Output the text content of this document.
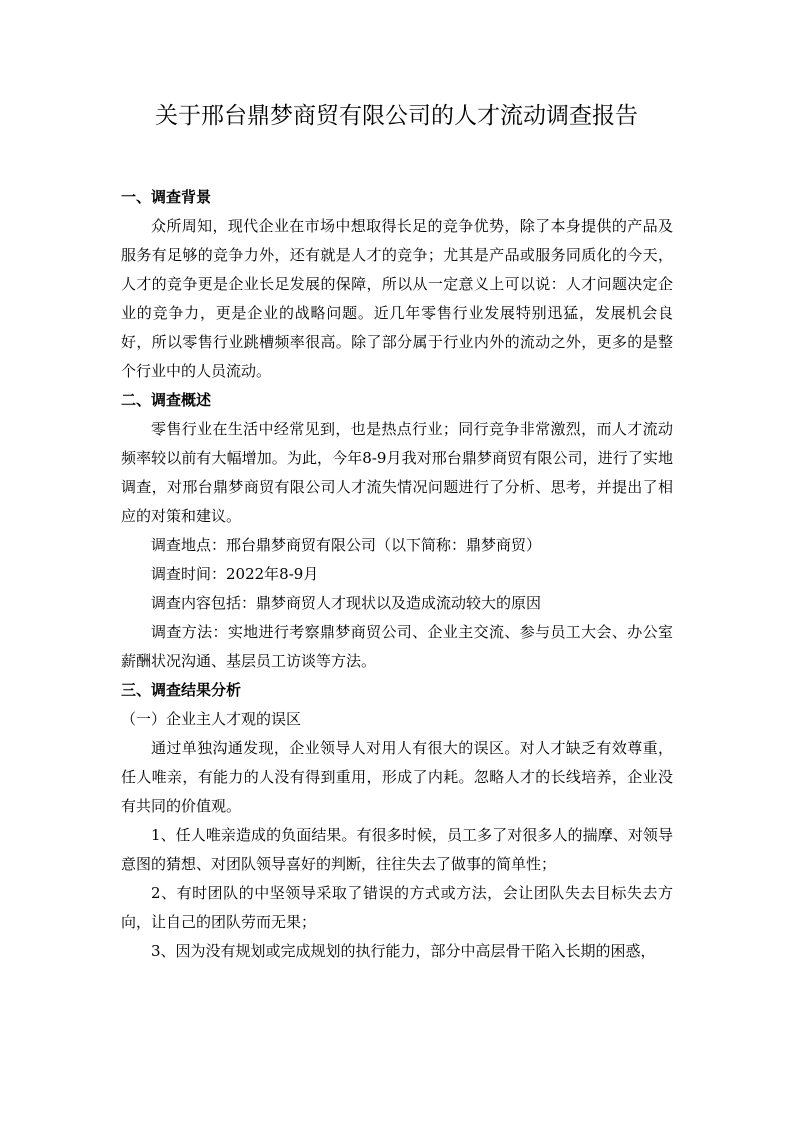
关于邢台鼎梦商贸有限公司的人才流动调查报告

一、调查背景

众所周知，现代企业在市场中想取得长足的竞争优势，除了本身提供的产品及服务有足够的竞争力外，还有就是人才的竞争；尤其是产品或服务同质化的今天，人才的竞争更是企业长足发展的保障，所以从一定意义上可以说：人才问题决定企业的竞争力，更是企业的战略问题。近几年零售行业发展特别迅猛，发展机会良好，所以零售行业跳槽频率很高。除了部分属于行业内外的流动之外，更多的是整个行业中的人员流动。

二、调查概述

零售行业在生活中经常见到，也是热点行业；同行竞争非常激烈，而人才流动频率较以前有大幅增加。为此，今年8-9月我对邢台鼎梦商贸有限公司，进行了实地调查，对邢台鼎梦商贸有限公司人才流失情况问题进行了分析、思考，并提出了相应的对策和建议。

调查地点：邢台鼎梦商贸有限公司（以下简称：鼎梦商贸）

调查时间：2022年8-9月

调查内容包括：鼎梦商贸人才现状以及造成流动较大的原因

调查方法：实地进行考察鼎梦商贸公司、企业主交流、参与员工大会、办公室薪酬状况沟通、基层员工访谈等方法。

三、调查结果分析

（一）企业主人才观的误区

通过单独沟通发现，企业领导人对用人有很大的误区。对人才缺乏有效尊重，任人唯亲，有能力的人没有得到重用，形成了内耗。忽略人才的长线培养，企业没有共同的价值观。

1、任人唯亲造成的负面结果。有很多时候，员工多了对很多人的揣摩、对领导意图的猜想、对团队领导喜好的判断，往往失去了做事的简单性；

2、有时团队的中坚领导采取了错误的方式或方法，会让团队失去目标失去方向，让自己的团队劳而无果；

3、因为没有规划或完成规划的执行能力，部分中高层骨干陷入长期的困惑，
